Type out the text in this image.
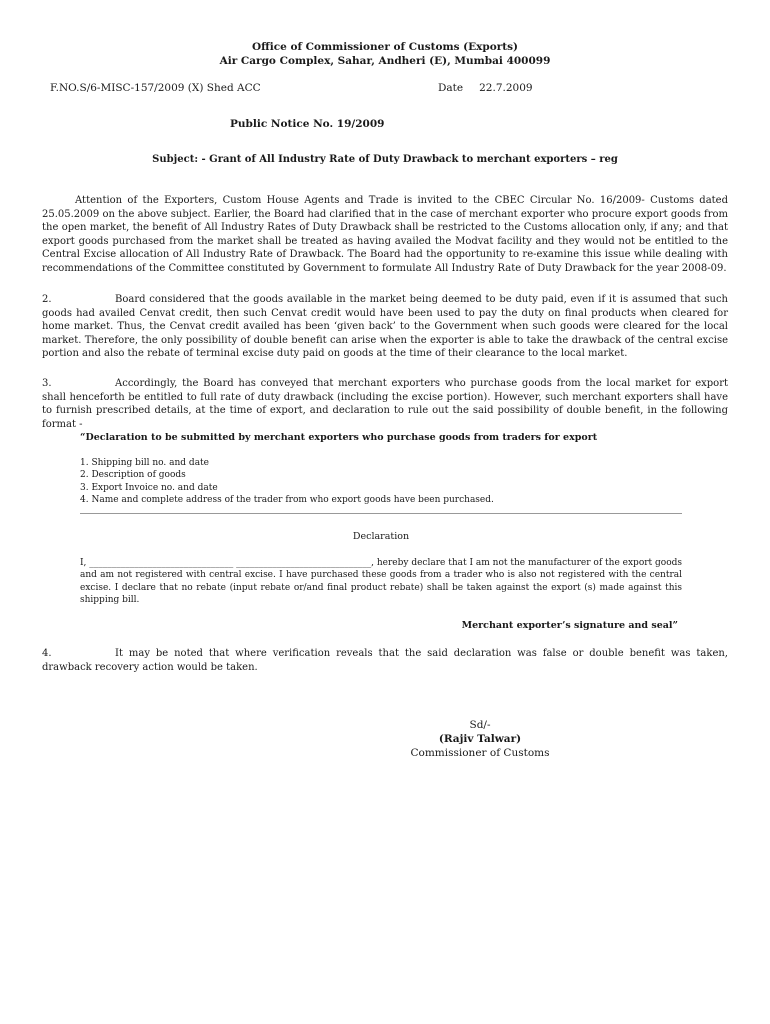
Office of Commissioner of Customs (Exports)
Air Cargo Complex, Sahar, Andheri (E), Mumbai 400099
F.NO.S/6-MISC-157/2009 (X) Shed ACC	Date 22.7.2009
Public Notice No. 19/2009
Subject: - Grant of All Industry Rate of Duty Drawback to merchant exporters – reg
Attention of the Exporters, Custom House Agents and Trade is invited to the CBEC Circular No. 16/2009- Customs dated 25.05.2009 on the above subject. Earlier, the Board had clarified that in the case of merchant exporter who procure export goods from the open market, the benefit of All Industry Rates of Duty Drawback shall be restricted to the Customs allocation only, if any; and that export goods purchased from the market shall be treated as having availed the Modvat facility and they would not be entitled to the Central Excise allocation of All Industry Rate of Drawback. The Board had the opportunity to re-examine this issue while dealing with recommendations of the Committee constituted by Government to formulate All Industry Rate of Duty Drawback for the year 2008-09.
2.	Board considered that the goods available in the market being deemed to be duty paid, even if it is assumed that such goods had availed Cenvat credit, then such Cenvat credit would have been used to pay the duty on final products when cleared for home market. Thus, the Cenvat credit availed has been ‘given back’ to the Government when such goods were cleared for the local market. Therefore, the only possibility of double benefit can arise when the exporter is able to take the drawback of the central excise portion and also the rebate of terminal excise duty paid on goods at the time of their clearance to the local market.
3.	Accordingly, the Board has conveyed that merchant exporters who purchase goods from the local market for export shall henceforth be entitled to full rate of duty drawback (including the excise portion). However, such merchant exporters shall have to furnish prescribed details, at the time of export, and declaration to rule out the said possibility of double benefit, in the following format -
“Declaration to be submitted by merchant exporters who purchase goods from traders for export
1. Shipping bill no. and date
2. Description of goods
3. Export Invoice no. and date
4. Name and complete address of the trader from who export goods have been purchased.
Declaration
I, ________________________________ ______________________________, hereby declare that I am not the manufacturer of the export goods and am not registered with central excise. I have purchased these goods from a trader who is also not registered with the central excise. I declare that no rebate (input rebate or/and final product rebate) shall be taken against the export (s) made against this shipping bill.
Merchant exporter’s signature and seal”
4.	It may be noted that where verification reveals that the said declaration was false or double benefit was taken, drawback recovery action would be taken.
Sd/-
(Rajiv Talwar)
Commissioner of Customs
